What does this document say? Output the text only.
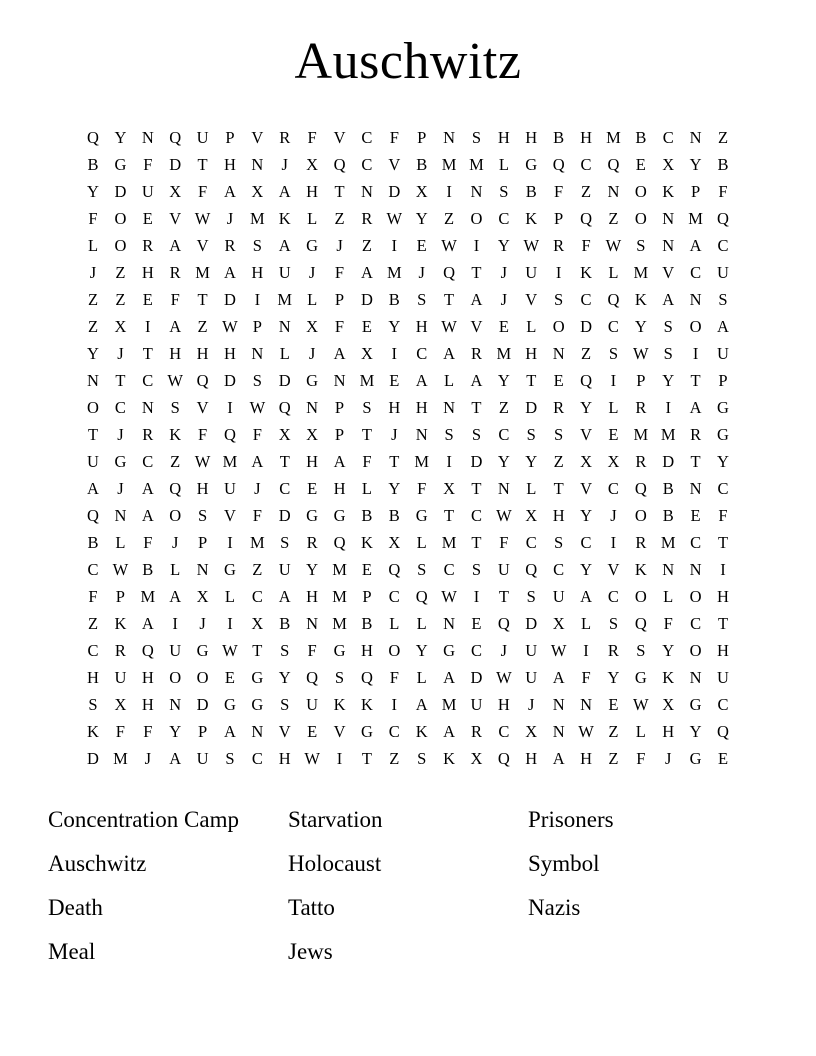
Auschwitz
Q Y N Q U	P	V R	F	V C	F	P	N	S	H H B H M B C N Z
B G	F	D T H N	J	X Q C V B M M L G Q C Q E X Y B
Y D U X	F	A X A H T N D X	I	N	S	B	F	Z N O K	P	F
F	O E V W J	M K L	Z	R W Y Z O C K	P	Q Z O N M Q
L O R A V R	S	A G	J	Z	I	E W	I	Y W R	F W S	N A C
J	Z H R M A H U	J	F	A M	J	Q T	J	U	I	K L M V C U
Z	Z	E	F	T D	I	M L	P	D B	S	T A	J	V	S	C Q K A N	S
Z X	I	A Z W P	N X	F	E Y H W V E	L O D C Y	S	O A
Y	J	T H H H N L	J	A X	I	C A R M H N Z	S W S	I	U
N T	C W Q D	S	D G N M E A L A Y T	E Q	I	P	Y T	P
O C N	S	V	I	W Q N	P	S	H H N T	Z D R Y L	R	I	A G
T	J	R K	F	Q	F	X X	P	T	J	N	S	S	C	S	S	V E M M R G
U G C	Z W M A T H A	F	T M	I	D Y Y Z X X R D T Y
A	J	A Q H U	J	C	E H L Y	F	X T N L	T V C Q B N C
Q N A O	S	V	F	D G G B B G T	C W X H Y	J	O B	E	F
B	L	F	J	P	I	M S	R Q K X L M T	F	C	S	C	I	R M C	T
C W B	L N G Z U Y M E Q	S	C	S	U Q C Y V K N N	I
F	P M A X L	C A H M P	C Q W	I	T	S	U A C O L O H
Z K A	I	J	I	X B N M B	L	L N E Q D X L	S	Q	F	C	T
C R Q U G W T	S	F	G H O Y G C	J	U W	I	R	S	Y O H
H U H O O E G Y Q	S	Q	F	L A D W U A	F	Y G K N U
S	X H N D G G	S	U K K	I	A M U H	J	N N E W X G C
K	F	F	Y	P	A N V E V G C K A R C X N W Z	L H Y Q
D M	J	A U	S	C H W	I	T	Z	S	K X Q H A H Z	F	J	G E
Concentration Camp
Auschwitz
Death
Meal
Starvation
Holocaust
Tatto
Jews
Prisoners
Symbol
Nazis
